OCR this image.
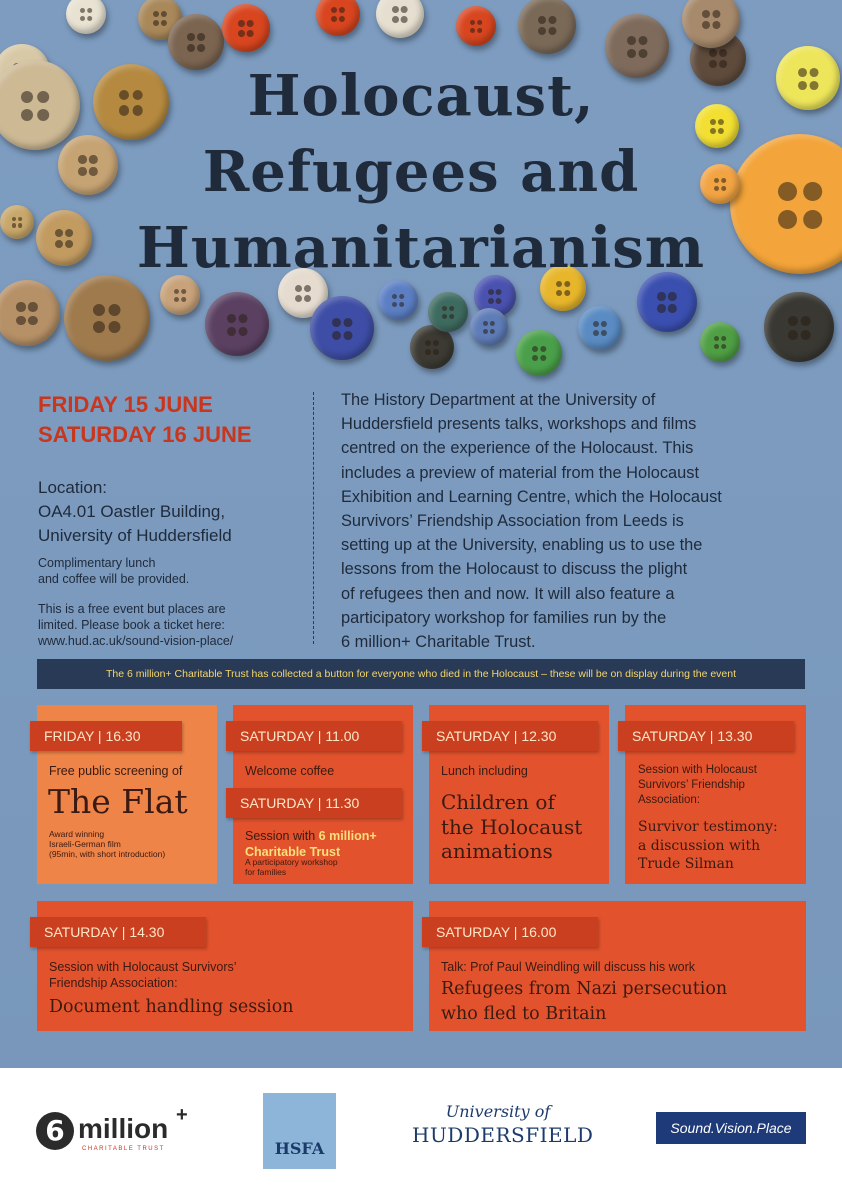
Holocaust,
Refugees and
Humanitarianism
FRIDAY 15 JUNE
SATURDAY 16 JUNE
Location:
OA4.01 Oastler Building,
University of Huddersfield
Complimentary lunch
and coffee will be provided.
This is a free event but places are
limited. Please book a ticket here:
www.hud.ac.uk/sound-vision-place/
The History Department at the University of
Huddersfield presents talks, workshops and films
centred on the experience of the Holocaust. This
includes a preview of material from the Holocaust
Exhibition and Learning Centre, which the Holocaust
Survivors’ Friendship Association from Leeds is
setting up at the University, enabling us to use the
lessons from the Holocaust to discuss the plight
of refugees then and now. It will also feature a
participatory workshop for families run by the
6 million+ Charitable Trust.
The 6 million+ Charitable Trust has collected a button for everyone who died in the Holocaust – these will be on display during the event
FRIDAY | 16.30
Free public screening of
The Flat
Award winning
Israeli-German film
(95min, with short introduction)
SATURDAY | 11.00
Welcome coffee
SATURDAY | 11.30
Session with 6 million+
Charitable Trust
A participatory workshop
for families
SATURDAY | 12.30
Lunch including
Children of
the Holocaust
animations
SATURDAY | 13.30
Session with Holocaust
Survivors’ Friendship
Association:
Survivor testimony:
a discussion with
Trude Silman
SATURDAY | 14.30
Session with Holocaust Survivors’
Friendship Association:
Document handling session
SATURDAY | 16.00
Talk: Prof Paul Weindling will discuss his work
Refugees from Nazi persecution
who fled to Britain
6 million +
CHARITABLE TRUST	HSFA
University of
HUDDERSFIELD	Sound.Vision.Place
